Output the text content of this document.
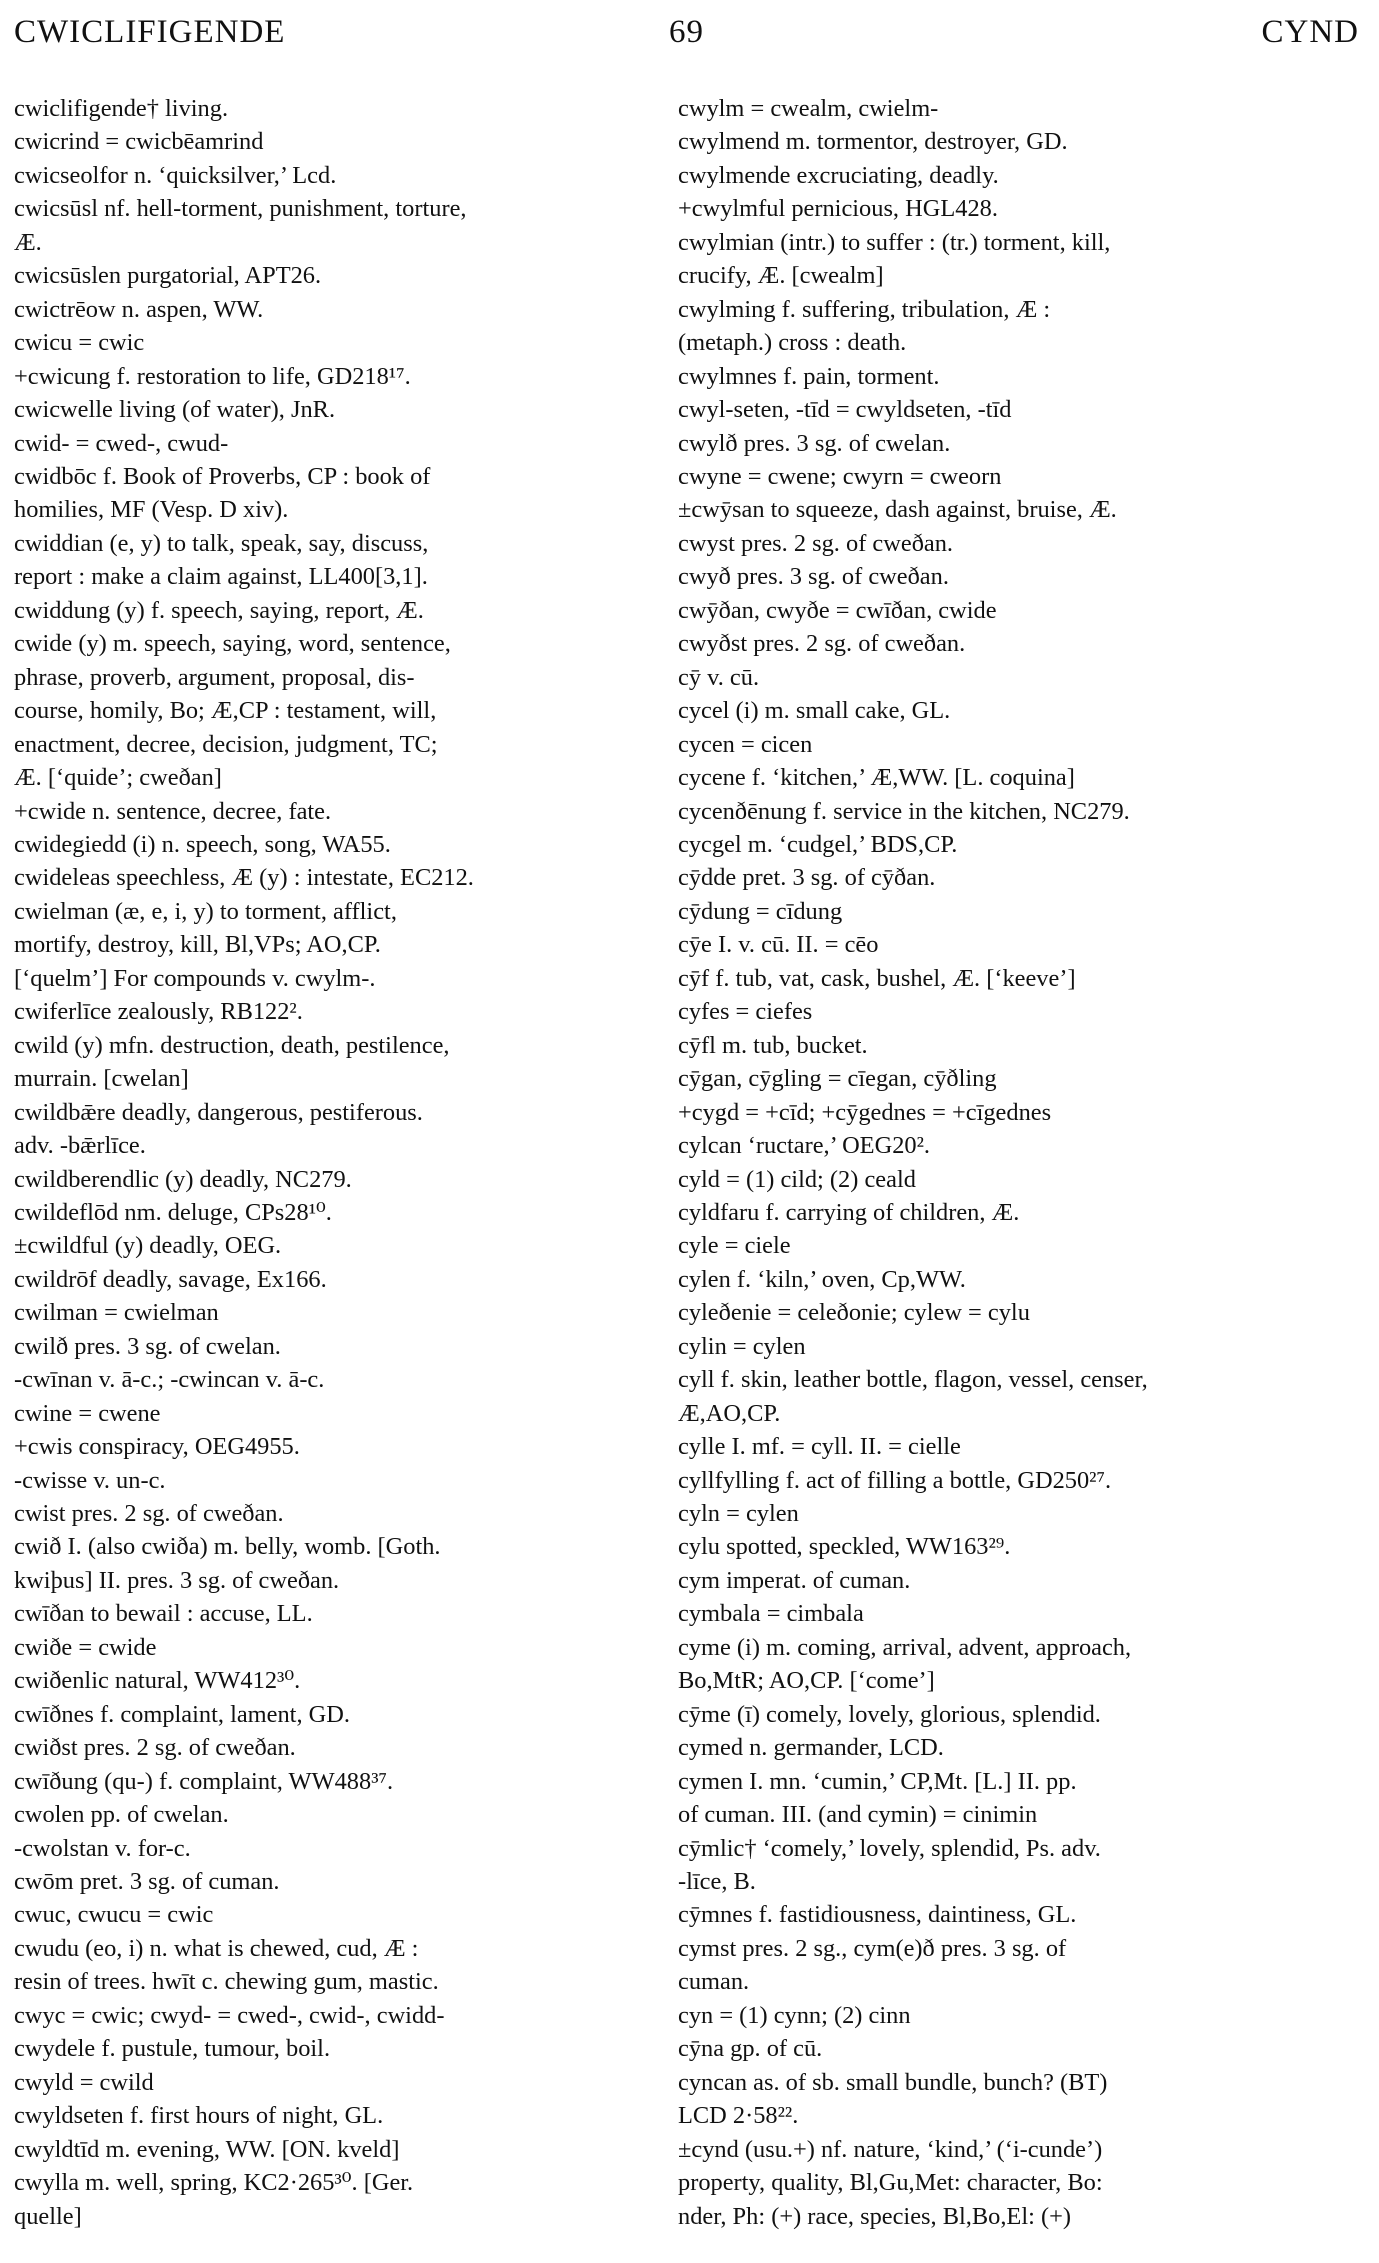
CWICLIFIGENDE	69	CYND

cwiclifigende† living.

cwicrind = cwicbēamrind

cwicseolfor n. ‘quicksilver,’ Lcd.

cwicsūsl nf. hell-torment, punishment, torture,

Æ.

cwicsūslen purgatorial, APT26.

cwictrēow n. aspen, WW.

cwicu = cwic

+cwicung f. restoration to life, GD218¹⁷.

cwicwelle living (of water), JnR.

cwid- = cwed-, cwud-

cwidbōc f. Book of Proverbs, CP : book of

homilies, MF (Vesp. D xiv).

cwiddian (e, y) to talk, speak, say, discuss,

report : make a claim against, LL400[3,1].

cwiddung (y) f. speech, saying, report, Æ.

cwide (y) m. speech, saying, word, sentence,

phrase, proverb, argument, proposal, dis-

course, homily, Bo; Æ,CP : testament, will,

enactment, decree, decision, judgment, TC;

Æ. [‘quide’; cweðan]

+cwide n. sentence, decree, fate.

cwidegiedd (i) n. speech, song, WA55.

cwideleas speechless, Æ (y) : intestate, EC212.

cwielman (æ, e, i, y) to torment, afflict,

mortify, destroy, kill, Bl,VPs; AO,CP.

[‘quelm’] For compounds v. cwylm-.

cwiferlīce zealously, RB122².

cwild (y) mfn. destruction, death, pestilence,

murrain. [cwelan]

cwildbǣre deadly, dangerous, pestiferous.

adv. -bǣrlīce.

cwildberendlic (y) deadly, NC279.

cwildeflōd nm. deluge, CPs28¹⁰.

±cwildful (y) deadly, OEG.

cwildrōf deadly, savage, Ex166.

cwilman = cwielman

cwilð pres. 3 sg. of cwelan.

-cwīnan v. ā-c.; -cwincan v. ā-c.

cwine = cwene

+cwis conspiracy, OEG4955.

-cwisse v. un-c.

cwist pres. 2 sg. of cweðan.

cwið I. (also cwiða) m. belly, womb. [Goth.

kwiþus] II. pres. 3 sg. of cweðan.

cwīðan to bewail : accuse, LL.

cwiðe = cwide

cwiðenlic natural, WW412³⁰.

cwīðnes f. complaint, lament, GD.

cwiðst pres. 2 sg. of cweðan.

cwīðung (qu-) f. complaint, WW488³⁷.

cwolen pp. of cwelan.

-cwolstan v. for-c.

cwōm pret. 3 sg. of cuman.

cwuc, cwucu = cwic

cwudu (eo, i) n. what is chewed, cud, Æ :

resin of trees. hwīt c. chewing gum, mastic.

cwyc = cwic; cwyd- = cwed-, cwid-, cwidd-

cwydele f. pustule, tumour, boil.

cwyld = cwild

cwyldseten f. first hours of night, GL.

cwyldtīd m. evening, WW. [ON. kveld]

cwylla m. well, spring, KC2·265³⁰. [Ger.

quelle]

cwylm = cwealm, cwielm-

cwylmend m. tormentor, destroyer, GD.

cwylmende excruciating, deadly.

+cwylmful pernicious, HGL428.

cwylmian (intr.) to suffer : (tr.) torment, kill,

crucify, Æ. [cwealm]

cwylming f. suffering, tribulation, Æ :

(metaph.) cross : death.

cwylmnes f. pain, torment.

cwyl-seten, -tīd = cwyldseten, -tīd

cwylð pres. 3 sg. of cwelan.

cwyne = cwene; cwyrn = cweorn

±cwȳsan to squeeze, dash against, bruise, Æ.

cwyst pres. 2 sg. of cweðan.

cwyð pres. 3 sg. of cweðan.

cwȳðan, cwyðe = cwīðan, cwide

cwyðst pres. 2 sg. of cweðan.

cȳ v. cū.

cycel (i) m. small cake, GL.

cycen = cicen

cycene f. ‘kitchen,’ Æ,WW. [L. coquina]

cycenðēnung f. service in the kitchen, NC279.

cycgel m. ‘cudgel,’ BDS,CP.

cȳdde pret. 3 sg. of cȳðan.

cȳdung = cīdung

cȳe I. v. cū. II. = cēo

cȳf f. tub, vat, cask, bushel, Æ. [‘keeve’]

cyfes = ciefes

cȳfl m. tub, bucket.

cȳgan, cȳgling = cīegan, cȳðling

+cygd = +cīd; +cȳgednes = +cīgednes

cylcan ‘ructare,’ OEG20².

cyld = (1) cild; (2) ceald

cyldfaru f. carrying of children, Æ.

cyle = ciele

cylen f. ‘kiln,’ oven, Cp,WW.

cyleðenie = celeðonie; cylew = cylu

cylin = cylen

cyll f. skin, leather bottle, flagon, vessel, censer,

Æ,AO,CP.

cylle I. mf. = cyll. II. = cielle

cyllfylling f. act of filling a bottle, GD250²⁷.

cyln = cylen

cylu spotted, speckled, WW163²⁹.

cym imperat. of cuman.

cymbala = cimbala

cyme (i) m. coming, arrival, advent, approach,

Bo,MtR; AO,CP. [‘come’]

cȳme (ī) comely, lovely, glorious, splendid.

cymed n. germander, LCD.

cymen I. mn. ‘cumin,’ CP,Mt. [L.] II. pp.

of cuman. III. (and cymin) = cinimin

cȳmlic† ‘comely,’ lovely, splendid, Ps. adv.

-līce, B.

cȳmnes f. fastidiousness, daintiness, GL.

cymst pres. 2 sg., cym(e)ð pres. 3 sg. of

cuman.

cyn = (1) cynn; (2) cinn

cȳna gp. of cū.

cyncan as. of sb. small bundle, bunch? (BT)

LCD 2·58²².

±cynd (usu.+) nf. nature, ‘kind,’ (‘i-cunde’)

property, quality, Bl,Gu,Met: character, Bo:

nder, Ph: (+) race, species, Bl,Bo,El: (+)
